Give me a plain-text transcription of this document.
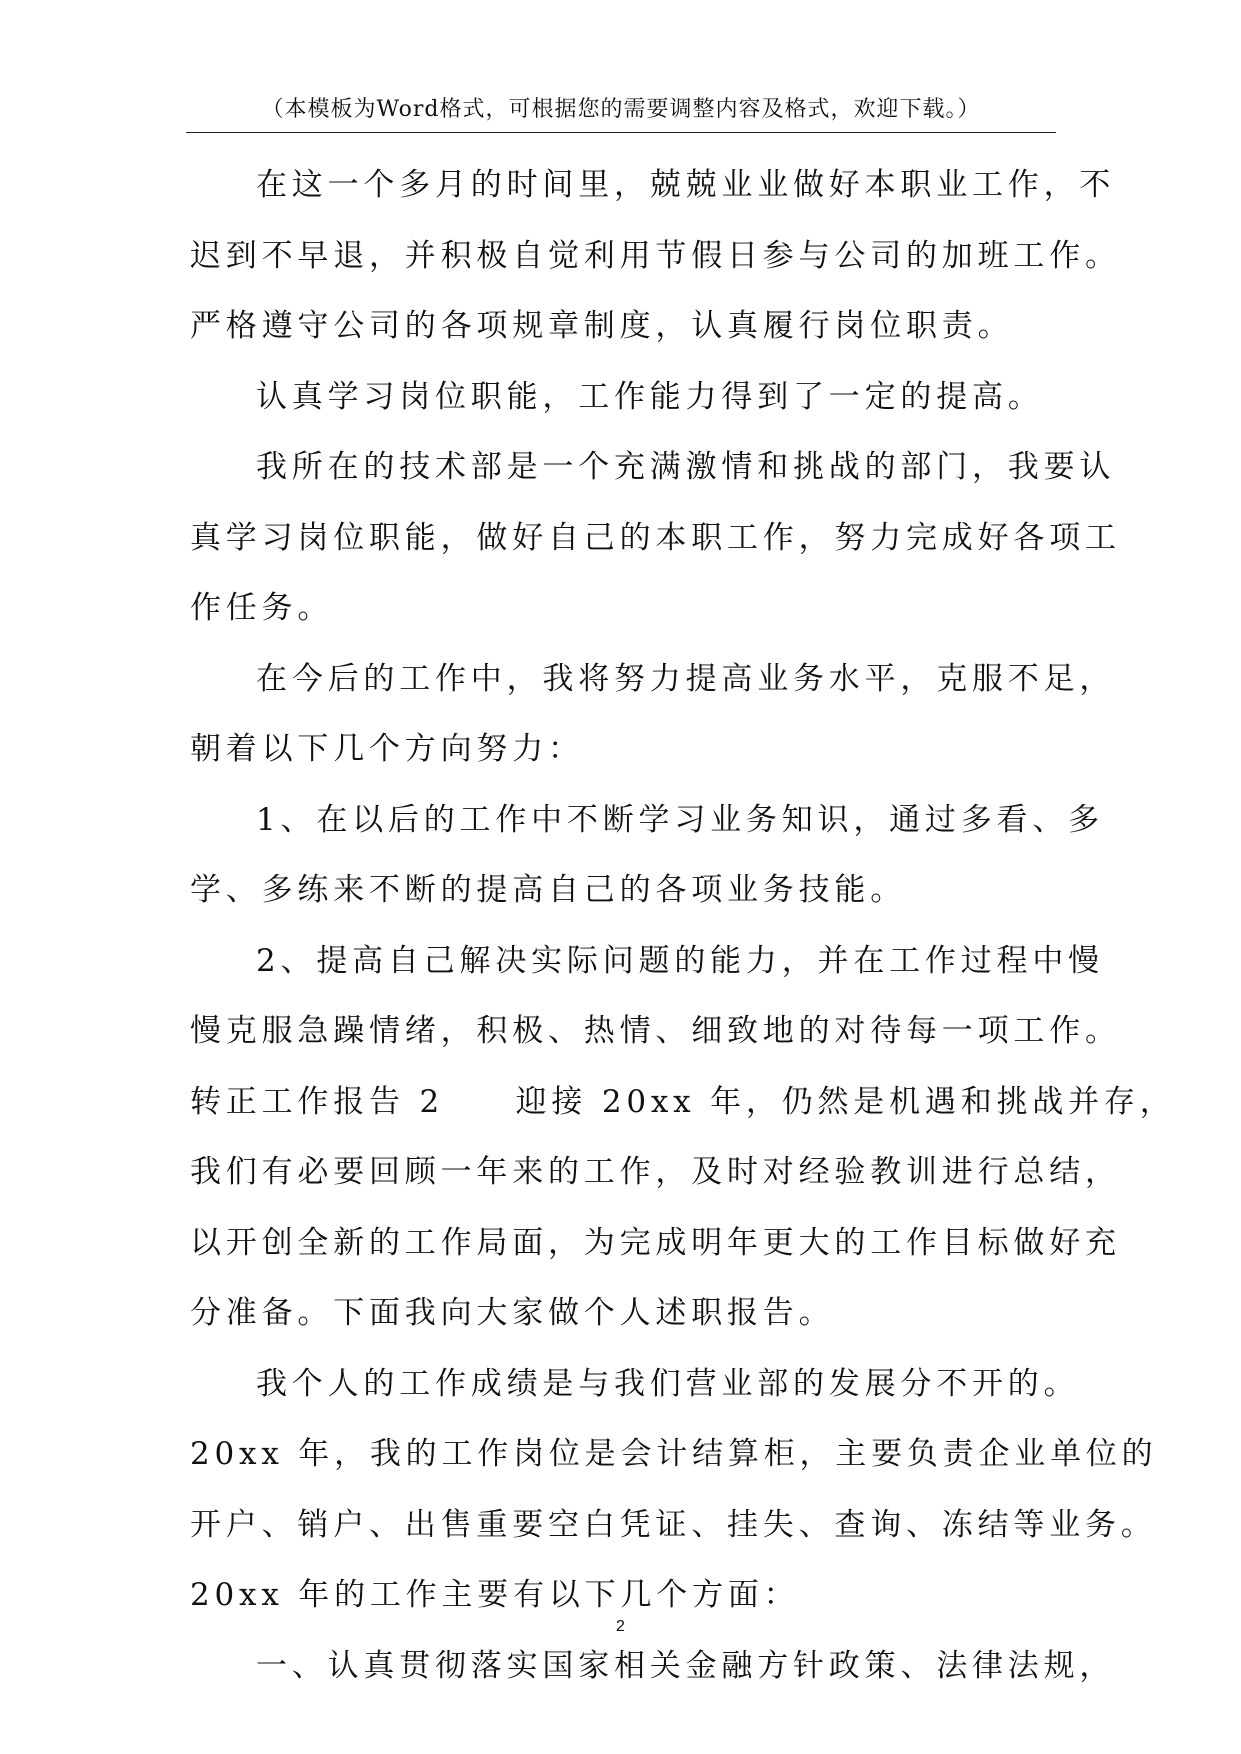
（本模板为Word格式，可根据您的需要调整内容及格式，欢迎下载。）
在这一个多月的时间里，兢兢业业做好本职业工作，不
迟到不早退，并积极自觉利用节假日参与公司的加班工作。
严格遵守公司的各项规章制度，认真履行岗位职责。
认真学习岗位职能，工作能力得到了一定的提高。
我所在的技术部是一个充满激情和挑战的部门，我要认
真学习岗位职能，做好自己的本职工作，努力完成好各项工
作任务。
在今后的工作中，我将努力提高业务水平，克服不足，
朝着以下几个方向努力：
1、在以后的工作中不断学习业务知识，通过多看、多
学、多练来不断的提高自己的各项业务技能。
2、提高自己解决实际问题的能力，并在工作过程中慢
慢克服急躁情绪，积极、热情、细致地的对待每一项工作。
转正工作报告 2　　迎接 20xx 年，仍然是机遇和挑战并存，
我们有必要回顾一年来的工作，及时对经验教训进行总结，
以开创全新的工作局面，为完成明年更大的工作目标做好充
分准备。下面我向大家做个人述职报告。
我个人的工作成绩是与我们营业部的发展分不开的。
20xx 年，我的工作岗位是会计结算柜，主要负责企业单位的
开户、销户、出售重要空白凭证、挂失、查询、冻结等业务。
20xx 年的工作主要有以下几个方面：
一、认真贯彻落实国家相关金融方针政策、法律法规，
2
